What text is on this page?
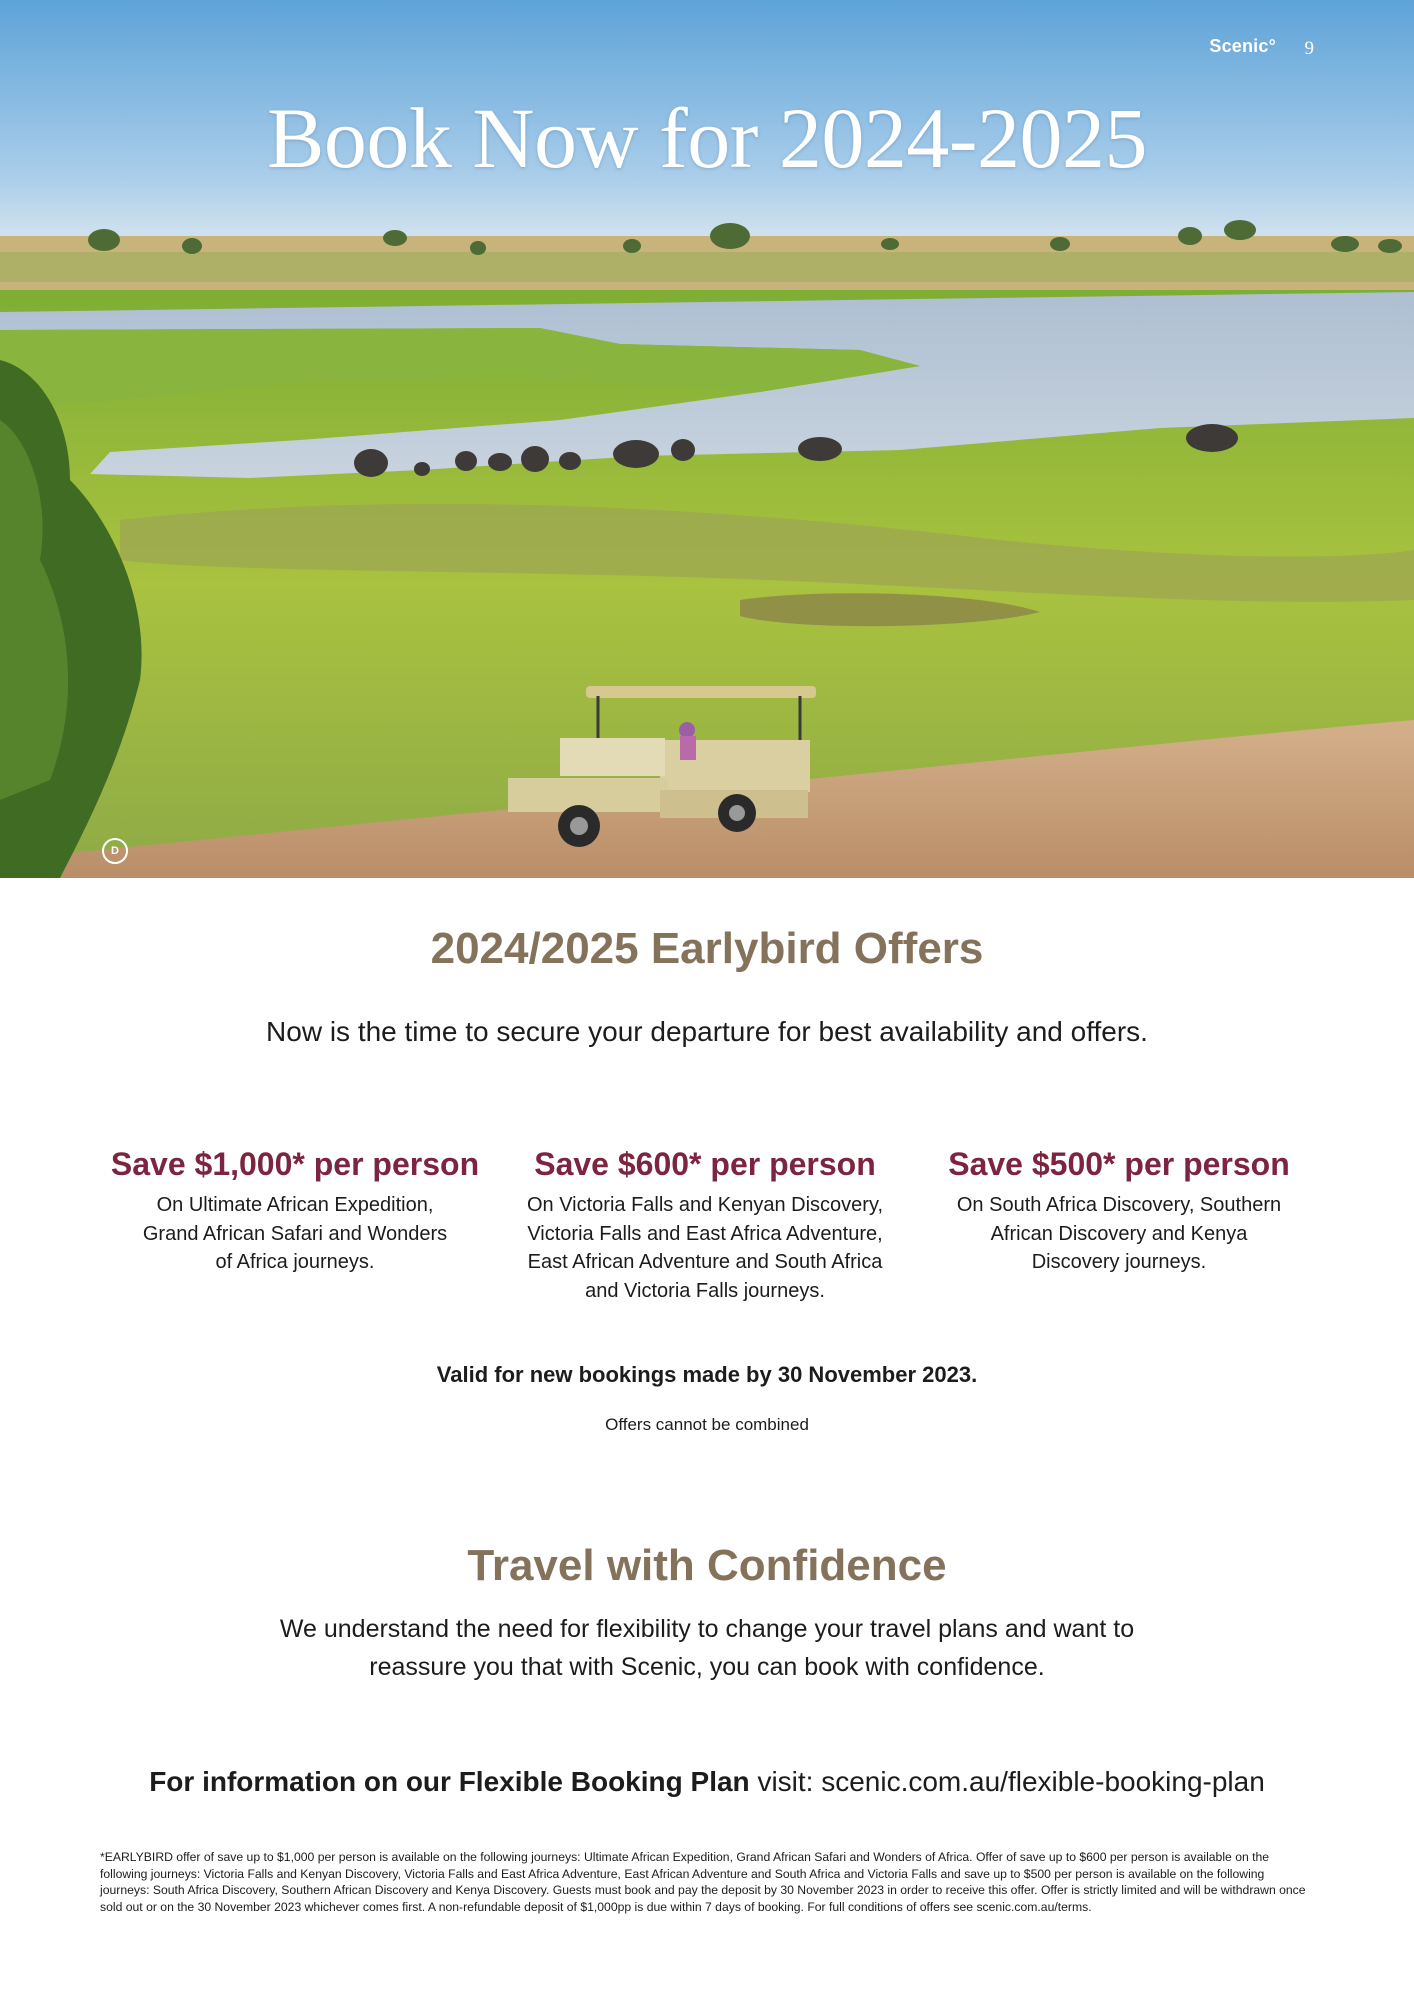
Scenic° 9
Book Now for 2024-2025
D
2024/2025 Earlybird Offers
Now is the time to secure your departure for best availability and offers.
Save $1,000* per person
On Ultimate African Expedition, Grand African Safari and Wonders of Africa journeys.
Save $600* per person
On Victoria Falls and Kenyan Discovery, Victoria Falls and East Africa Adventure, East African Adventure and South Africa and Victoria Falls journeys.
Save $500* per person
On South Africa Discovery, Southern African Discovery and Kenya Discovery journeys.
Valid for new bookings made by 30 November 2023.
Offers cannot be combined
Travel with Confidence
We understand the need for flexibility to change your travel plans and want to reassure you that with Scenic, you can book with confidence.
For information on our Flexible Booking Plan visit: scenic.com.au/flexible-booking-plan
*EARLYBIRD offer of save up to $1,000 per person is available on the following journeys: Ultimate African Expedition, Grand African Safari and Wonders of Africa. Offer of save up to $600 per person is available on the following journeys: Victoria Falls and Kenyan Discovery, Victoria Falls and East Africa Adventure, East African Adventure and South Africa and Victoria Falls and save up to $500 per person is available on the following journeys: South Africa Discovery, Southern African Discovery and Kenya Discovery. Guests must book and pay the deposit by 30 November 2023 in order to receive this offer. Offer is strictly limited and will be withdrawn once sold out or on the 30 November 2023 whichever comes first. A non-refundable deposit of $1,000pp is due within 7 days of booking. For full conditions of offers see scenic.com.au/terms.
